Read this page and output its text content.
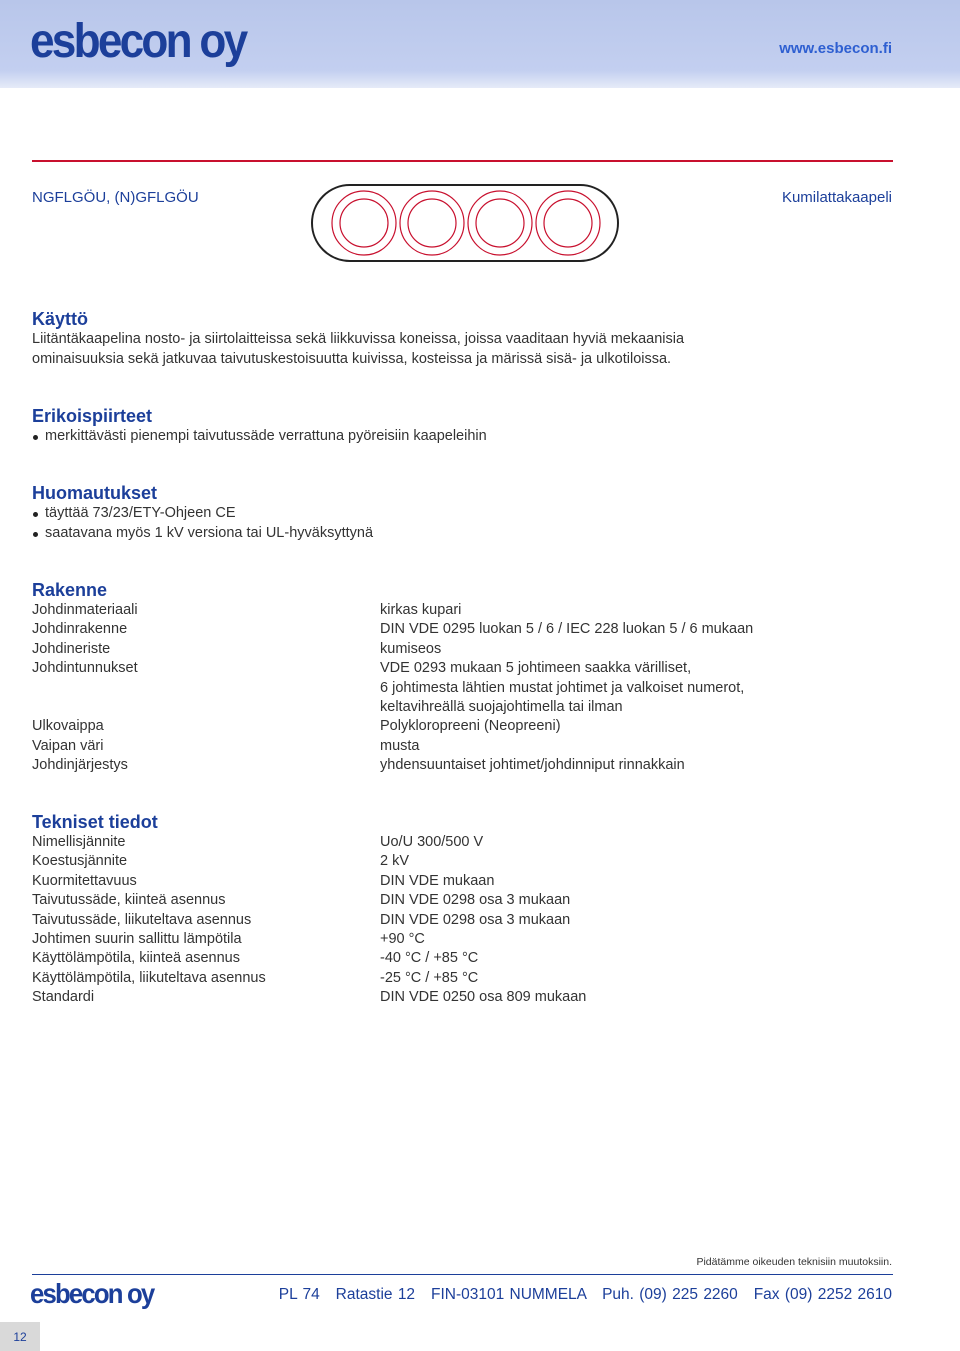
esbecon oy	www.esbecon.fi
NGFLGÖU, (N)GFLGÖU	Kumilattakaapeli
Käyttö
Liitäntäkaapelina nosto- ja siirtolaitteissa sekä liikkuvissa koneissa, joissa vaaditaan hyviä mekaanisia
ominaisuuksia sekä jatkuvaa taivutuskestoisuutta kuivissa, kosteissa ja märissä sisä- ja ulkotiloissa.
Erikoispiirteet
merkittävästi pienempi taivutussäde verrattuna pyöreisiin kaapeleihin
Huomautukset
täyttää 73/23/ETY-Ohjeen CE
saatavana myös 1 kV versiona tai UL-hyväksyttynä
Rakenne
Johdinmateriaali	kirkas kupari
Johdinrakenne	DIN VDE 0295 luokan 5 / 6 / IEC 228 luokan 5 / 6 mukaan
Johdineriste	kumiseos
Johdintunnukset	VDE 0293 mukaan 5 johtimeen saakka värilliset,
6 johtimesta lähtien mustat johtimet ja valkoiset numerot,
keltavihreällä suojajohtimella tai ilman
Ulkovaippa	Polykloropreeni (Neopreeni)
Vaipan väri	musta
Johdinjärjestys	yhdensuuntaiset johtimet/johdinniput rinnakkain
Tekniset tiedot
Nimellisjännite	Uo/U 300/500 V
Koestusjännite	2 kV
Kuormitettavuus	DIN VDE mukaan
Taivutussäde, kiinteä asennus	DIN VDE 0298 osa 3 mukaan
Taivutussäde, liikuteltava asennus	DIN VDE 0298 osa 3 mukaan
Johtimen suurin sallittu lämpötila	+90 °C
Käyttölämpötila, kiinteä asennus	-40 °C / +85 °C
Käyttölämpötila, liikuteltava asennus	-25 °C / +85 °C
Standardi	DIN VDE 0250 osa 809 mukaan
Pidätämme oikeuden teknisiin muutoksiin.
esbecon oy	PL 74   Ratastie 12   FIN-03101 NUMMELA   Puh. (09) 225 2260   Fax (09) 2252 2610
12
